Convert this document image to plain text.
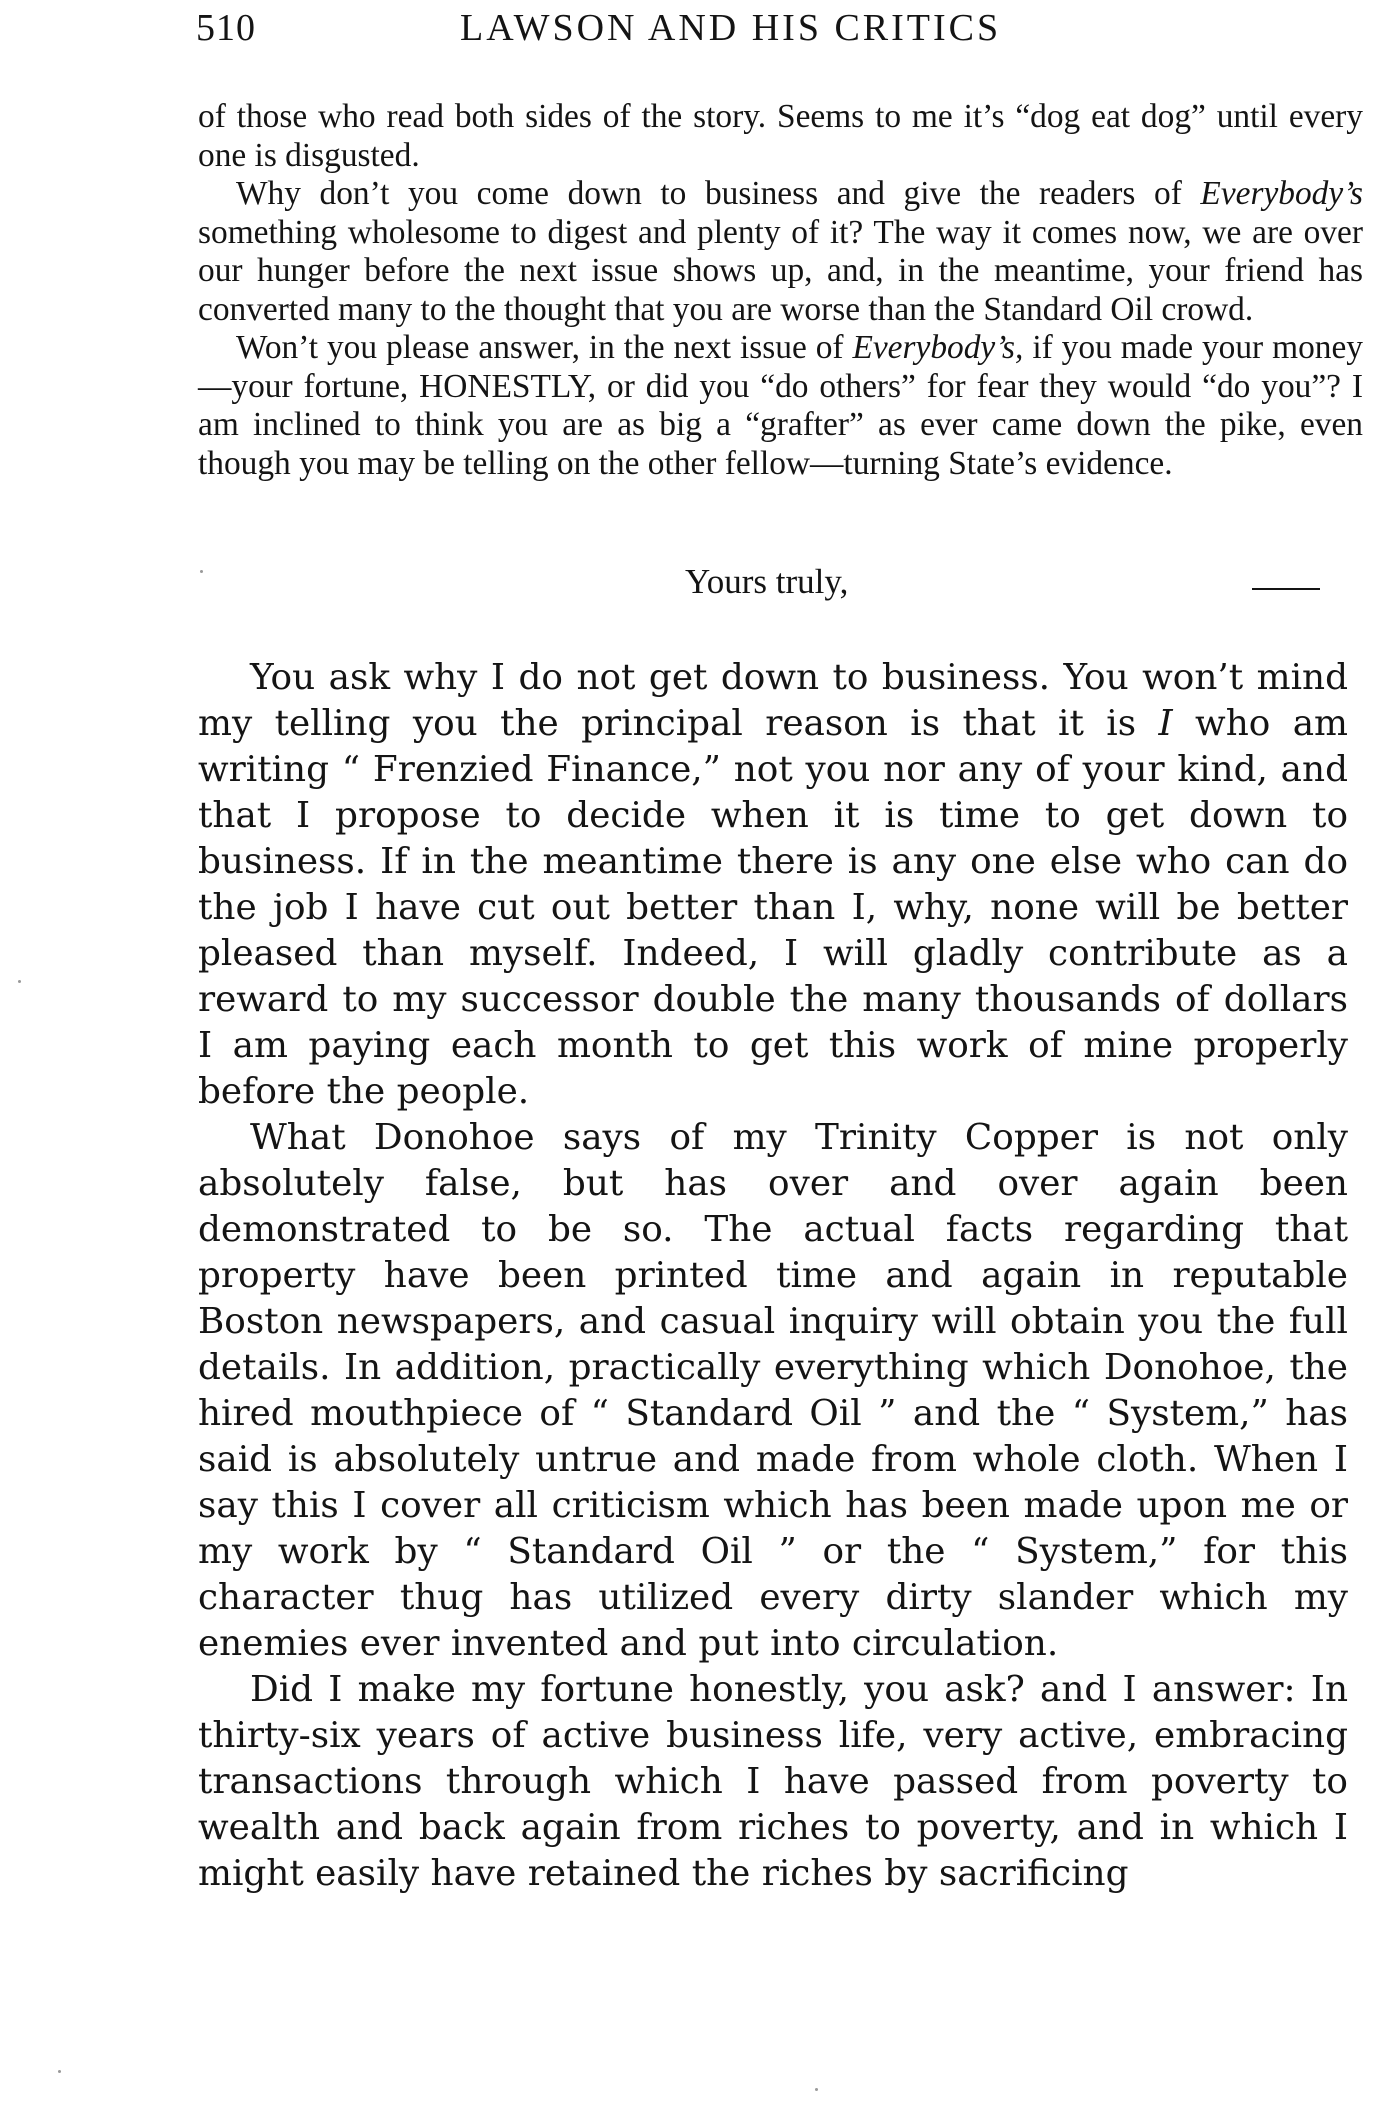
510	LAWSON AND HIS CRITICS

of those who read both sides of the story. Seems to me it’s “dog eat dog” until every one is disgusted.

Why don’t you come down to business and give the readers of Everybody’s something wholesome to digest and plenty of it? The way it comes now, we are over our hunger before the next issue shows up, and, in the meantime, your friend has converted many to the thought that you are worse than the Standard Oil crowd.

Won’t you please answer, in the next issue of Everybody’s, if you made your money—your fortune, HONESTLY, or did you “do others” for fear they would “do you”? I am inclined to think you are as big a “grafter” as ever came down the pike, even though you may be telling on the other fellow—turning State’s evidence.

Yours truly,

You ask why I do not get down to business. You won’t mind my telling you the principal reason is that it is I who am writing “ Frenzied Finance,” not you nor any of your kind, and that I propose to decide when it is time to get down to business. If in the meantime there is any one else who can do the job I have cut out better than I, why, none will be better pleased than myself. Indeed, I will gladly contribute as a reward to my successor double the many thousands of dollars I am paying each month to get this work of mine properly before the people.

What Donohoe says of my Trinity Copper is not only absolutely false, but has over and over again been demonstrated to be so. The actual facts regarding that property have been printed time and again in reputable Boston newspapers, and casual inquiry will obtain you the full details. In addition, practically everything which Donohoe, the hired mouthpiece of “ Standard Oil ” and the “ System,” has said is absolutely untrue and made from whole cloth. When I say this I cover all criticism which has been made upon me or my work by “ Standard Oil ” or the “ System,” for this character thug has utilized every dirty slander which my enemies ever invented and put into circulation.

Did I make my fortune honestly, you ask? and I answer: In thirty-six years of active business life, very active, embracing transactions through which I have passed from poverty to wealth and back again from riches to poverty, and in which I might easily have retained the riches by sacrificing
